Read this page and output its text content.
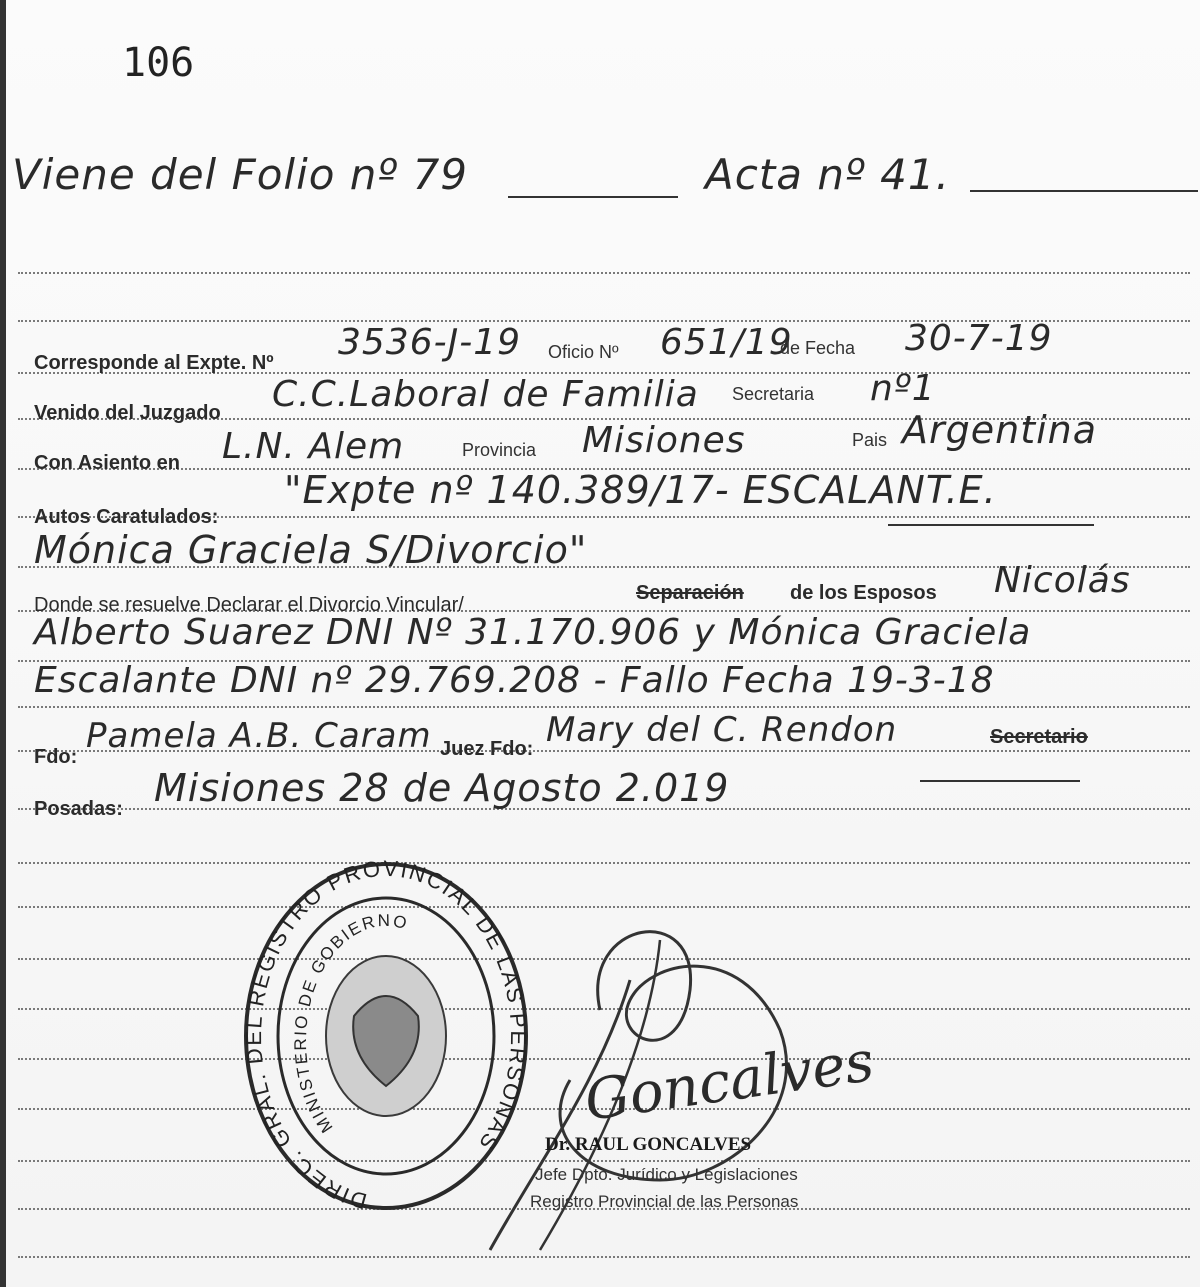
106
Viene del Folio nº 79	Acta nº 41.
Corresponde al Expte. Nº 3536-J-19 Oficio Nº 651/19
de Fecha 30-7-19
Venido del Juzgado C.C.Laboral de Familia Secretaria nº1
Con Asiento en L.N. Alem	Provincia Misiones	Pais Argentina
Autos Caratulados:
"Expte nº 140.389/17- ESCALANT.E.
Mónica Graciela S/Divorcio"
Donde se resuelve Declarar el Divorcio Vincular/
Separación de los Esposos Nicolás
Alberto Suarez DNI Nº 31.170.906 y Mónica Graciela
Escalante DNI nº 29.769.208 - Fallo Fecha 19-3-18
Fdo:
Pamela A.B. Caram Juez Fdo: Mary del C. Rendon	Secretario
Posadas: Misiones 28 de Agosto 2.019
DIREC. GRAL. DEL REGISTRO PROVINCIAL DE LAS PERSONAS
MINISTERIO DE GOBIERNO
Goncalves
Dr. RAUL GONCALVES
Jefe Dpto. Jurídico y Legislaciones
Registro Provincial de las Personas
